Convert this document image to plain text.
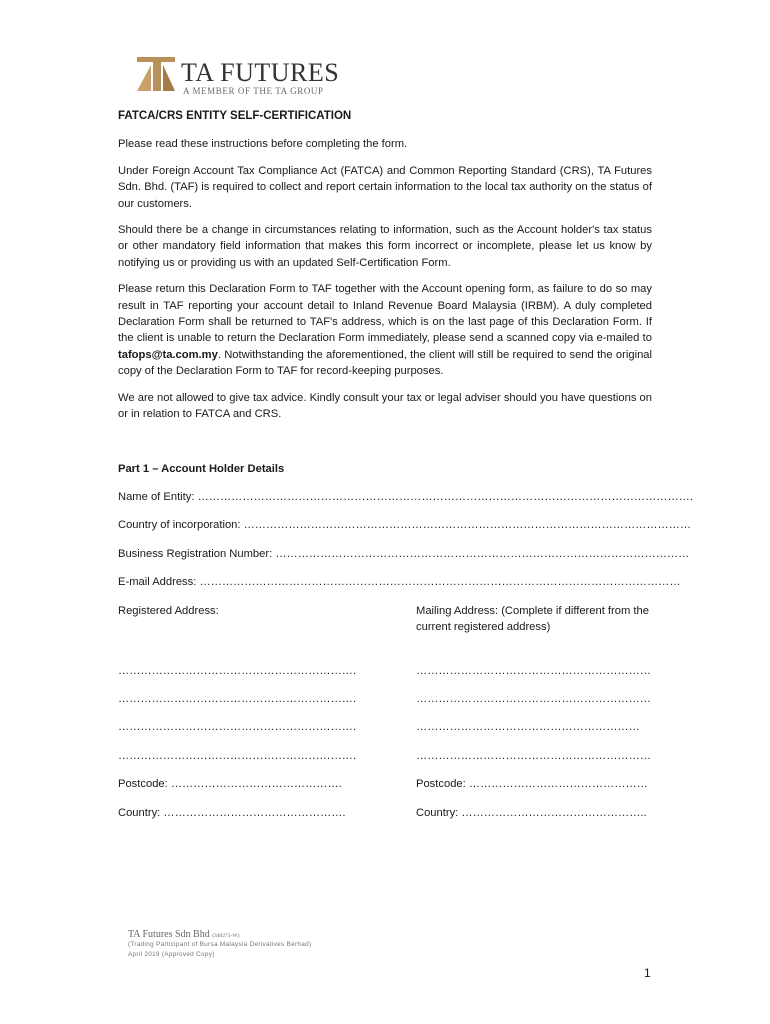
TA FUTURES
A MEMBER OF THE TA GROUP
FATCA/CRS ENTITY SELF-CERTIFICATION

Please read these instructions before completing the form.

Under Foreign Account Tax Compliance Act (FATCA) and Common Reporting Standard (CRS), TA Futures Sdn. Bhd. (TAF) is required to collect and report certain information to the local tax authority on the status of our customers.

Should there be a change in circumstances relating to information, such as the Account holder's tax status or other mandatory field information that makes this form incorrect or incomplete, please let us know by notifying us or providing us with an updated Self-Certification Form.

Please return this Declaration Form to TAF together with the Account opening form, as failure to do so may result in TAF reporting your account detail to Inland Revenue Board Malaysia (IRBM). A duly completed Declaration Form shall be returned to TAF's address, which is on the last page of this Declaration Form. If the client is unable to return the Declaration Form immediately, please send a scanned copy via e-mailed to tafops@ta.com.my. Notwithstanding the aforementioned, the client will still be required to send the original copy of the Declaration Form to TAF for record-keeping purposes.

We are not allowed to give tax advice. Kindly consult your tax or legal adviser should you have questions on or in relation to FATCA and CRS.

Part 1 – Account Holder Details
Name of Entity: …………………………………………………………………………………………………………………….
Country of incorporation: …………………………………………………………………………………………………………
Business Registration Number: …………………………………………………………………………………………………
E-mail Address: …………………………………………………………………………………………………………………
Registered Address:
……………………………………………………….
……………………………………………………….
……………………………………………………….
……………………………………………………….
Postcode: ……………………………………….
Country: ………………………………………….
Mailing Address: (Complete if different from the current registered address)
………………………………………………………
………………………………………………………
……………………………………………………
………………………………………………………
Postcode: …………………………………………
Country: …………………………………………..
TA Futures Sdn Bhd (340271-W)
(Trading Participant of Bursa Malaysia Derivatives Berhad)
April 2019 (Approved Copy)
1
